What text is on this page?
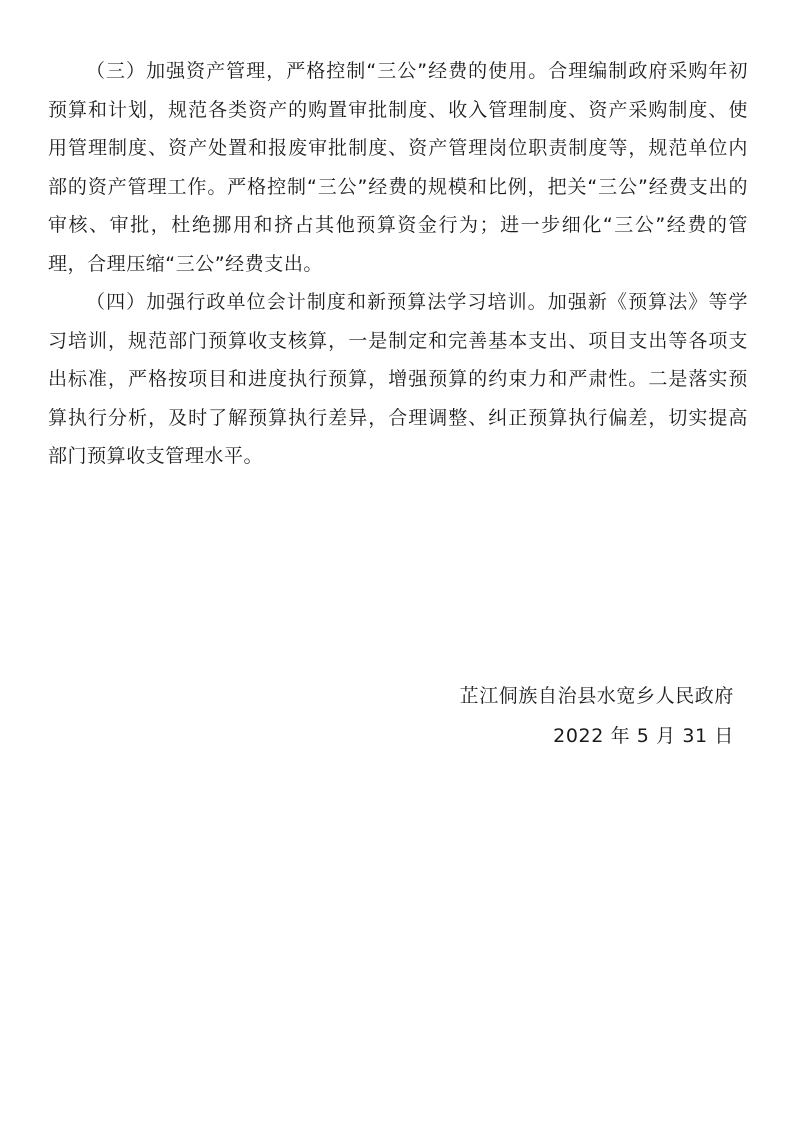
（三）加强资产管理，严格控制“三公”经费的使用。合理编制政府采购年初预算和计划，规范各类资产的购置审批制度、收入管理制度、资产采购制度、使用管理制度、资产处置和报废审批制度、资产管理岗位职责制度等，规范单位内部的资产管理工作。严格控制“三公”经费的规模和比例，把关“三公”经费支出的审核、审批，杜绝挪用和挤占其他预算资金行为；进一步细化“三公”经费的管理，合理压缩“三公”经费支出。

（四）加强行政单位会计制度和新预算法学习培训。加强新《预算法》等学习培训，规范部门预算收支核算，一是制定和完善基本支出、项目支出等各项支出标准，严格按项目和进度执行预算，增强预算的约束力和严肃性。二是落实预算执行分析，及时了解预算执行差异，合理调整、纠正预算执行偏差，切实提高部门预算收支管理水平。

芷江侗族自治县水宽乡人民政府

2022 年 5 月 31 日
